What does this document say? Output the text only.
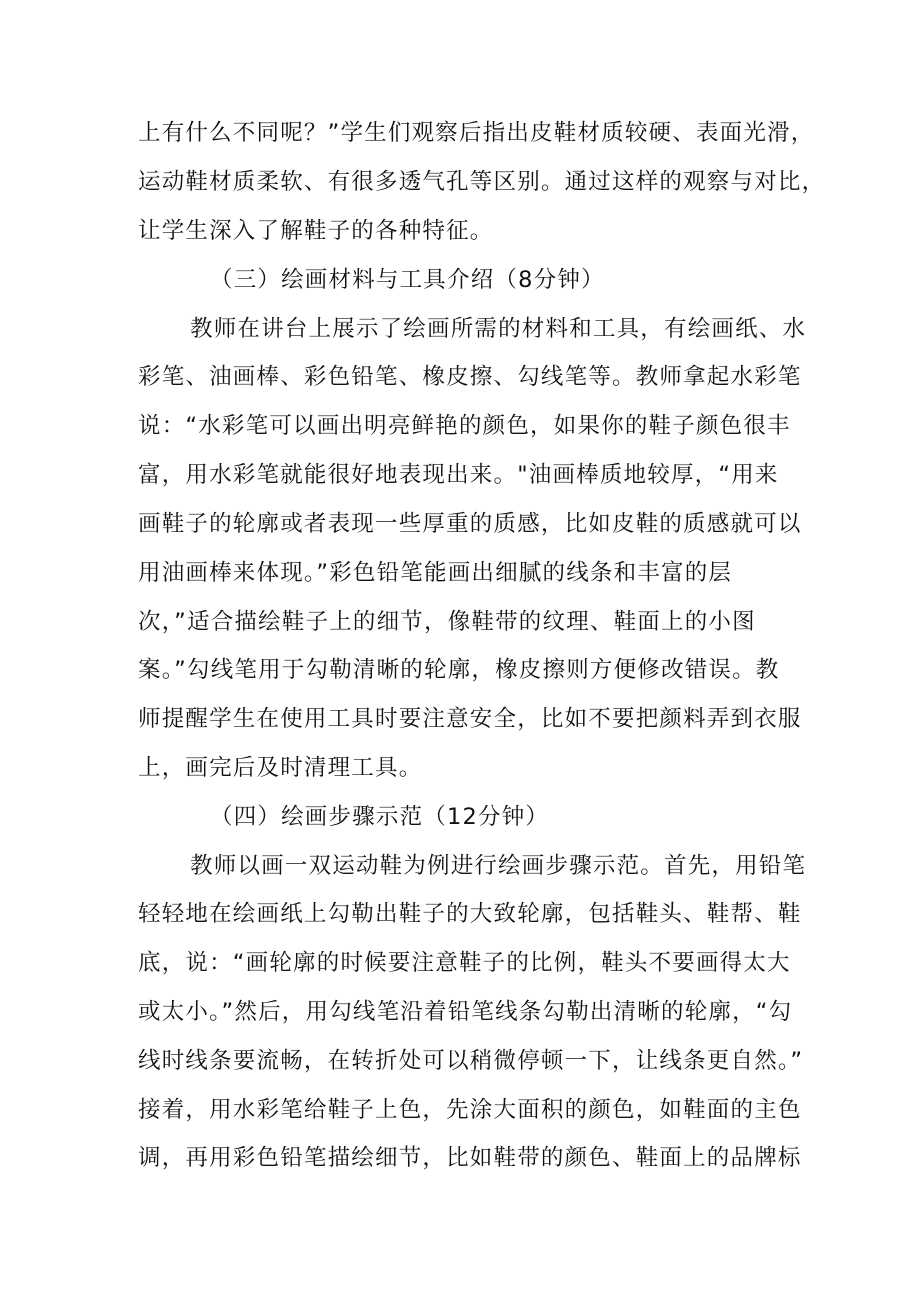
上有什么不同呢？”学生们观察后指出皮鞋材质较硬、表面光滑，
运动鞋材质柔软、有很多透气孔等区别。通过这样的观察与对比，
让学生深入了解鞋子的各种特征。
（三）绘画材料与工具介绍（8分钟）
教师在讲台上展示了绘画所需的材料和工具，有绘画纸、水
彩笔、油画棒、彩色铅笔、橡皮擦、勾线笔等。教师拿起水彩笔
说：“水彩笔可以画出明亮鲜艳的颜色，如果你的鞋子颜色很丰
富，用水彩笔就能很好地表现出来。"油画棒质地较厚，“用来
画鞋子的轮廓或者表现一些厚重的质感，比如皮鞋的质感就可以
用油画棒来体现。”彩色铅笔能画出细腻的线条和丰富的层
次，”适合描绘鞋子上的细节，像鞋带的纹理、鞋面上的小图
案。”勾线笔用于勾勒清晰的轮廓，橡皮擦则方便修改错误。教
师提醒学生在使用工具时要注意安全，比如不要把颜料弄到衣服
上，画完后及时清理工具。
（四）绘画步骤示范（12分钟）
教师以画一双运动鞋为例进行绘画步骤示范。首先，用铅笔
轻轻地在绘画纸上勾勒出鞋子的大致轮廓，包括鞋头、鞋帮、鞋
底，说：“画轮廓的时候要注意鞋子的比例，鞋头不要画得太大
或太小。”然后，用勾线笔沿着铅笔线条勾勒出清晰的轮廓，“勾
线时线条要流畅，在转折处可以稍微停顿一下，让线条更自然。”
接着，用水彩笔给鞋子上色，先涂大面积的颜色，如鞋面的主色
调，再用彩色铅笔描绘细节，比如鞋带的颜色、鞋面上的品牌标
